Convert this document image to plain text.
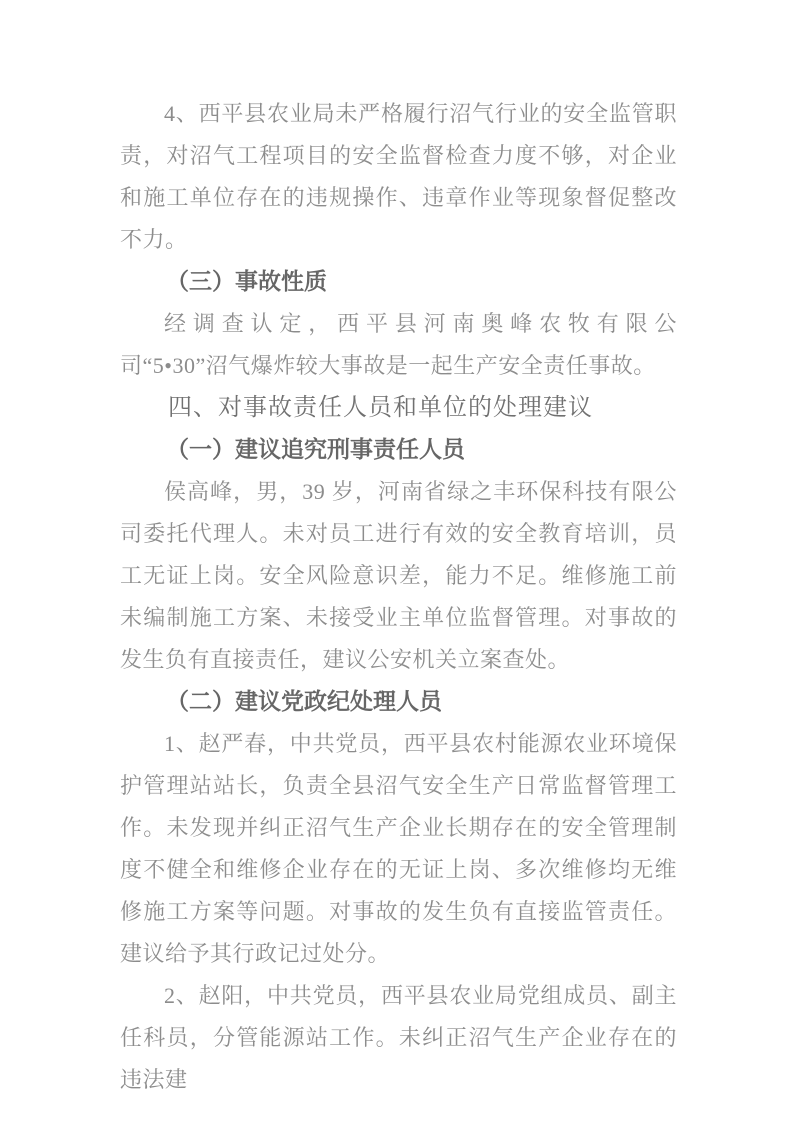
4、西平县农业局未严格履行沼气行业的安全监管职责，对沼气工程项目的安全监督检查力度不够，对企业和施工单位存在的违规操作、违章作业等现象督促整改不力。

（三）事故性质

经调查认定，西平县河南奥峰农牧有限公司“5•30”沼气爆炸较大事故是一起生产安全责任事故。

四、对事故责任人员和单位的处理建议

（一）建议追究刑事责任人员

侯高峰，男，39 岁，河南省绿之丰环保科技有限公司委托代理人。未对员工进行有效的安全教育培训，员工无证上岗。安全风险意识差，能力不足。维修施工前未编制施工方案、未接受业主单位监督管理。对事故的发生负有直接责任，建议公安机关立案查处。

（二）建议党政纪处理人员

1、赵严春，中共党员，西平县农村能源农业环境保护管理站站长，负责全县沼气安全生产日常监督管理工作。未发现并纠正沼气生产企业长期存在的安全管理制度不健全和维修企业存在的无证上岗、多次维修均无维修施工方案等问题。对事故的发生负有直接监管责任。建议给予其行政记过处分。

2、赵阳，中共党员，西平县农业局党组成员、副主任科员，分管能源站工作。未纠正沼气生产企业存在的违法建
